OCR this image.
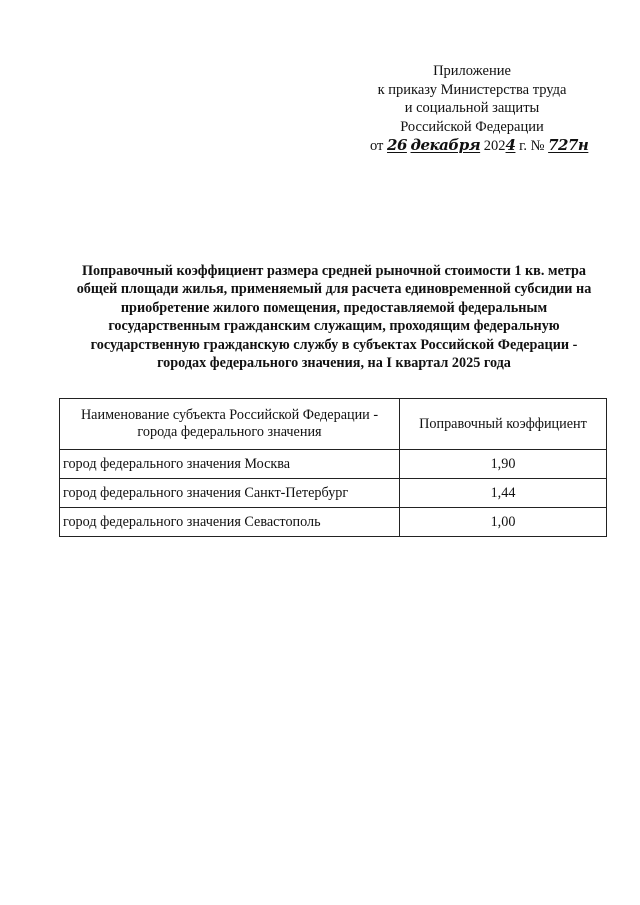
Приложение
к приказу Министерства труда
и социальной защиты
Российской Федерации
от 26 декабря 2024 г. № 727н
Поправочный коэффициент размера средней рыночной стоимости 1 кв. метра
общей площади жилья, применяемый для расчета единовременной субсидии на
приобретение жилого помещения, предоставляемой федеральным
государственным гражданским служащим, проходящим федеральную
государственную гражданскую службу в субъектах Российской Федерации -
городах федерального значения, на I квартал 2025 года
Наименование субъекта Российской Федерации -
города федерального значения	Поправочный коэффициент
город федерального значения Москва	1,90
город федерального значения Санкт-Петербург	1,44
город федерального значения Севастополь	1,00
